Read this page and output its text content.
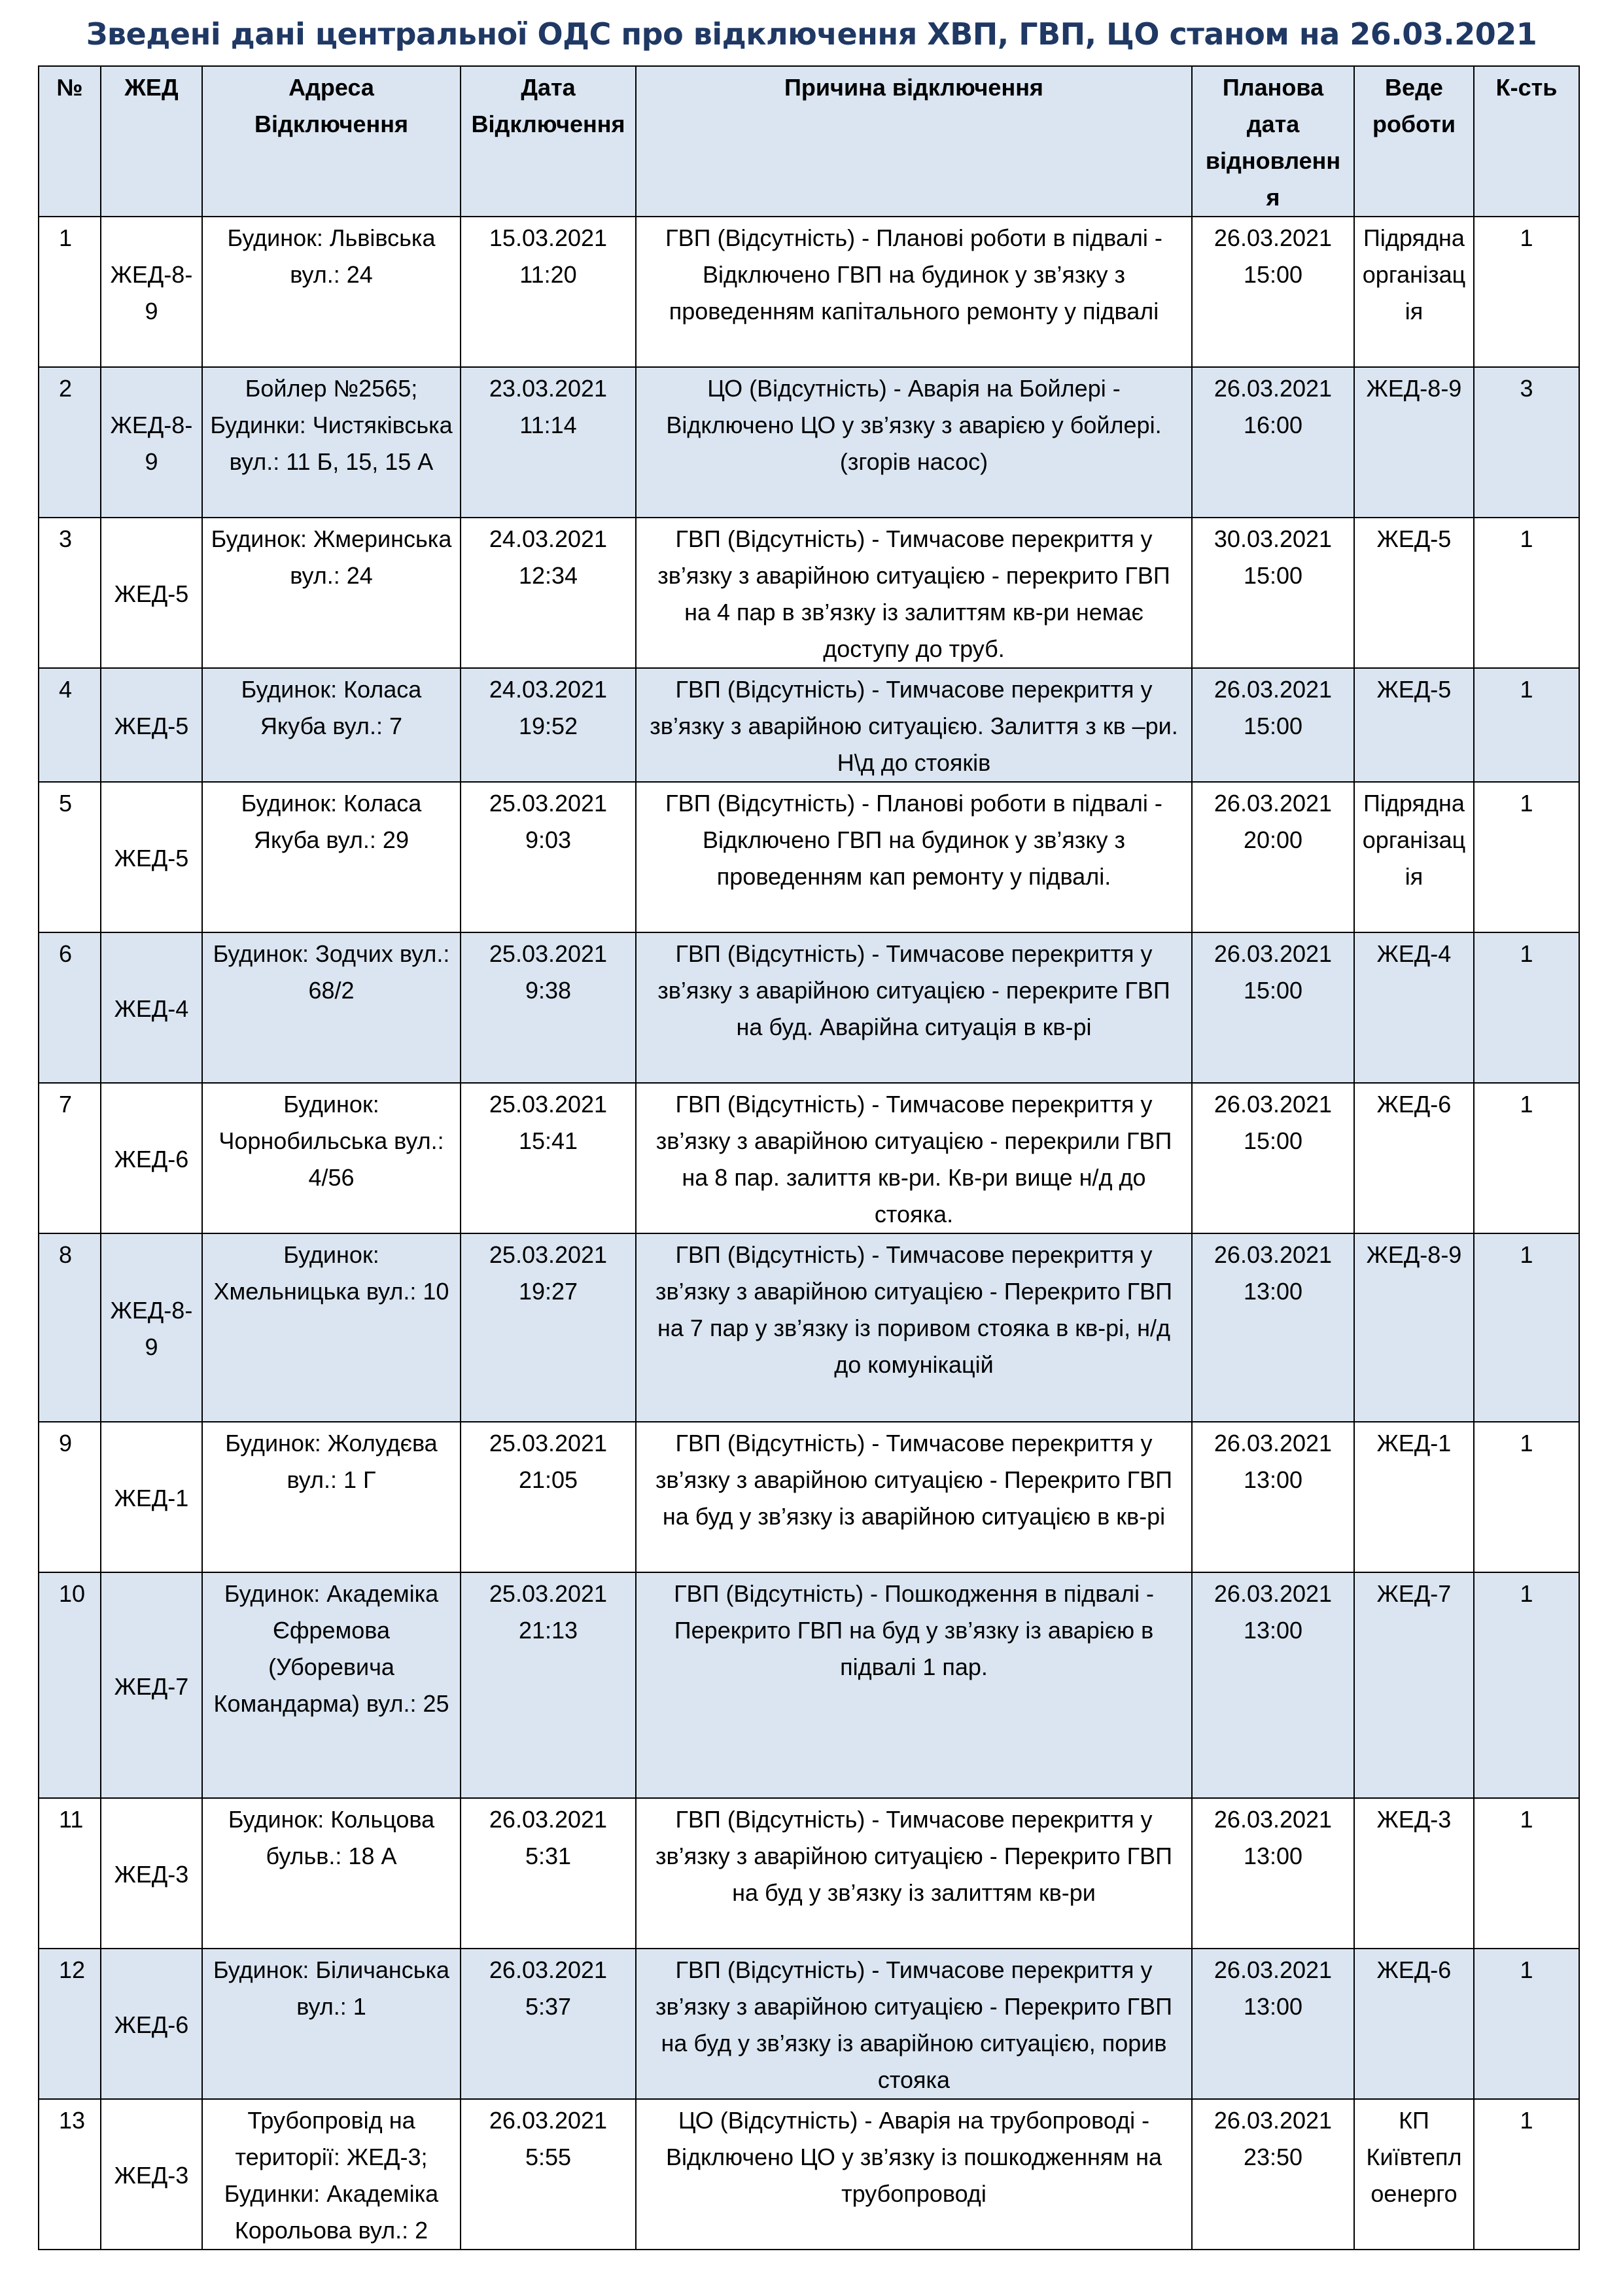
Зведені дані центральної ОДС про відключення ХВП, ГВП, ЦО станом на 26.03.2021
№	ЖЕД	Адреса Відключення	Дата Відключення	Причина відключення	Планова дата відновлення	Веде роботи	К-сть
1	ЖЕД-8-9	Будинок: Львівська вул.: 24	15.03.2021 11:20	ГВП (Відсутність) - Планові роботи в підвалі - Відключено ГВП на будинок у зв’язку з проведенням капітального ремонту у підвалі	26.03.2021 15:00	Підрядна організація	1
2	ЖЕД-8-9	Бойлер №2565; Будинки: Чистяківська вул.: 11 Б, 15, 15 А	23.03.2021 11:14	ЦО (Відсутність) - Аварія на Бойлері - Відключено ЦО у зв’язку з аварією у бойлері. (згорів насос)	26.03.2021 16:00	ЖЕД-8-9	3
3	ЖЕД-5	Будинок: Жмеринська вул.: 24	24.03.2021 12:34	ГВП (Відсутність) - Тимчасове перекриття у зв’язку з аварійною ситуацією - перекрито ГВП на 4 пар в зв’язку із залиттям кв-ри немає доступу до труб.	30.03.2021 15:00	ЖЕД-5	1
4	ЖЕД-5	Будинок: Коласа Якуба вул.: 7	24.03.2021 19:52	ГВП (Відсутність) - Тимчасове перекриття у зв’язку з аварійною ситуацією. Залиття з кв –ри. Н\д до стояків	26.03.2021 15:00	ЖЕД-5	1
5	ЖЕД-5	Будинок: Коласа Якуба вул.: 29	25.03.2021 9:03	ГВП (Відсутність) - Планові роботи в підвалі - Відключено ГВП на будинок у зв’язку з проведенням кап ремонту у підвалі.	26.03.2021 20:00	Підрядна організація	1
6	ЖЕД-4	Будинок: Зодчих вул.: 68/2	25.03.2021 9:38	ГВП (Відсутність) - Тимчасове перекриття у зв’язку з аварійною ситуацією - перекрите ГВП на буд. Аварійна ситуація в кв-рі	26.03.2021 15:00	ЖЕД-4	1
7	ЖЕД-6	Будинок: Чорнобильська вул.: 4/56	25.03.2021 15:41	ГВП (Відсутність) - Тимчасове перекриття у зв’язку з аварійною ситуацією - перекрили ГВП на 8 пар. залиття кв-ри. Кв-ри вище н/д до стояка.	26.03.2021 15:00	ЖЕД-6	1
8	ЖЕД-8-9	Будинок: Хмельницька вул.: 10	25.03.2021 19:27	ГВП (Відсутність) - Тимчасове перекриття у зв’язку з аварійною ситуацією - Перекрито ГВП на 7 пар у зв’язку із поривом стояка в кв-рі, н/д до комунікацій	26.03.2021 13:00	ЖЕД-8-9	1
9	ЖЕД-1	Будинок: Жолудєва вул.: 1 Г	25.03.2021 21:05	ГВП (Відсутність) - Тимчасове перекриття у зв’язку з аварійною ситуацією - Перекрито ГВП на буд у зв’язку із аварійною ситуацією в кв-рі	26.03.2021 13:00	ЖЕД-1	1
10	ЖЕД-7	Будинок: Академіка Єфремова (Уборевича Командарма) вул.: 25	25.03.2021 21:13	ГВП (Відсутність) - Пошкодження в підвалі - Перекрито ГВП на буд у зв’язку із аварією в підвалі 1 пар.	26.03.2021 13:00	ЖЕД-7	1
11	ЖЕД-3	Будинок: Кольцова бульв.: 18 А	26.03.2021 5:31	ГВП (Відсутність) - Тимчасове перекриття у зв’язку з аварійною ситуацією - Перекрито ГВП на буд у зв’язку із залиттям кв-ри	26.03.2021 13:00	ЖЕД-3	1
12	ЖЕД-6	Будинок: Біличанська вул.: 1	26.03.2021 5:37	ГВП (Відсутність) - Тимчасове перекриття у зв’язку з аварійною ситуацією - Перекрито ГВП на буд у зв’язку із аварійною ситуацією, порив стояка	26.03.2021 13:00	ЖЕД-6	1
13	ЖЕД-3	Трубопровід на території: ЖЕД-3; Будинки: Академіка Корольова вул.: 2	26.03.2021 5:55	ЦО (Відсутність) - Аварія на трубопроводі - Відключено ЦО у зв’язку із пошкодженням на трубопроводі	26.03.2021 23:50	КП Київтеплоенерго	1
